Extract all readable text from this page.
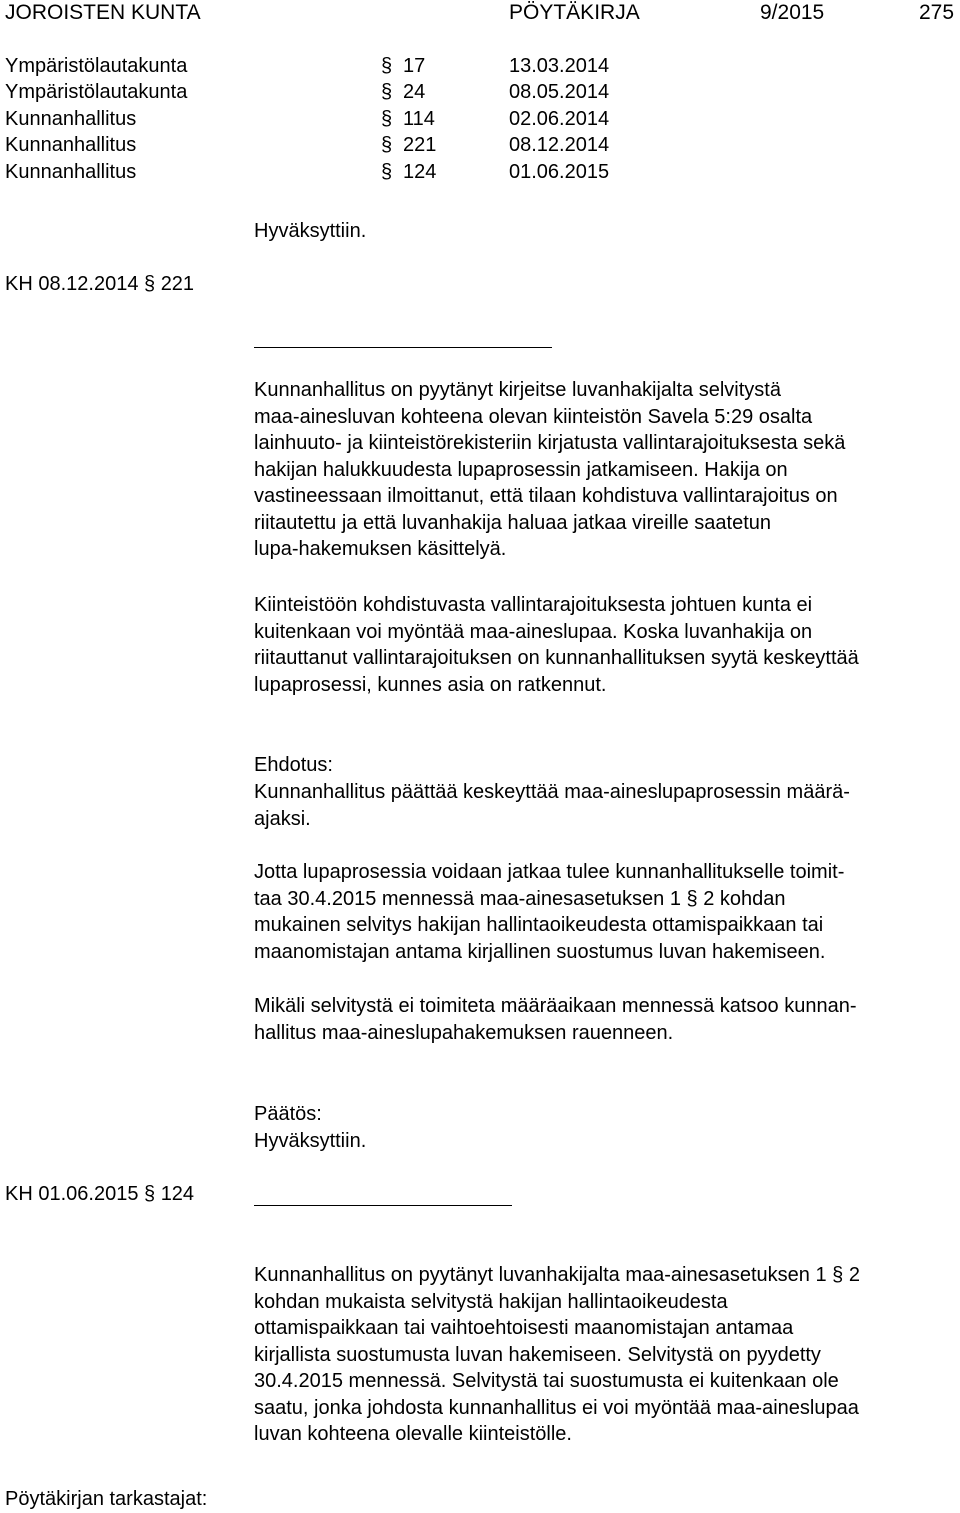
JOROISTEN KUNTA	PÖYTÄKIRJA	9/2015	275
Ympäristölautakunta	§ 17	13.03.2014
Ympäristölautakunta	§ 24	08.05.2014
Kunnanhallitus	§ 114	02.06.2014
Kunnanhallitus	§ 221	08.12.2014
Kunnanhallitus	§ 124	01.06.2015
Hyväksyttiin.
KH 08.12.2014 § 221
Kunnanhallitus on pyytänyt kirjeitse luvanhakijalta selvitystä
maa-ainesluvan kohteena olevan kiinteistön Savela 5:29 osalta
lainhuuto- ja kiinteistörekisteriin kirjatusta vallintarajoituksesta sekä
hakijan halukkuudesta lupaprosessin jatkamiseen. Hakija on
vastineessaan ilmoittanut, että tilaan kohdistuva vallintarajoitus on
riitautettu ja että luvanhakija haluaa jatkaa vireille saatetun
lupa-hakemuksen käsittelyä.
Kiinteistöön kohdistuvasta vallintarajoituksesta johtuen kunta ei
kuitenkaan voi myöntää maa-aineslupaa. Koska luvanhakija on
riitauttanut vallintarajoituksen on kunnanhallituksen syytä keskeyttää
lupaprosessi, kunnes asia on ratkennut.
Ehdotus:
Kunnanhallitus päättää keskeyttää maa-aineslupaprosessin määrä-
ajaksi.
Jotta lupaprosessia voidaan jatkaa tulee kunnanhallitukselle toimit-
taa 30.4.2015 mennessä maa-ainesasetuksen 1 § 2 kohdan
mukainen selvitys hakijan hallintaoikeudesta ottamispaikkaan tai
maanomistajan antama kirjallinen suostumus luvan hakemiseen.
Mikäli selvitystä ei toimiteta määräaikaan mennessä katsoo kunnan-
hallitus maa-aineslupahakemuksen rauenneen.
Päätös:
Hyväksyttiin.
KH 01.06.2015 § 124
Kunnanhallitus on pyytänyt luvanhakijalta maa-ainesasetuksen 1 § 2
kohdan mukaista selvitystä hakijan hallintaoikeudesta
ottamispaikkaan tai vaihtoehtoisesti maanomistajan antamaa
kirjallista suostumusta luvan hakemiseen. Selvitystä on pyydetty
30.4.2015 mennessä. Selvitystä tai suostumusta ei kuitenkaan ole
saatu, jonka johdosta kunnanhallitus ei voi myöntää maa-aineslupaa
luvan kohteena olevalle kiinteistölle.
Pöytäkirjan tarkastajat:
